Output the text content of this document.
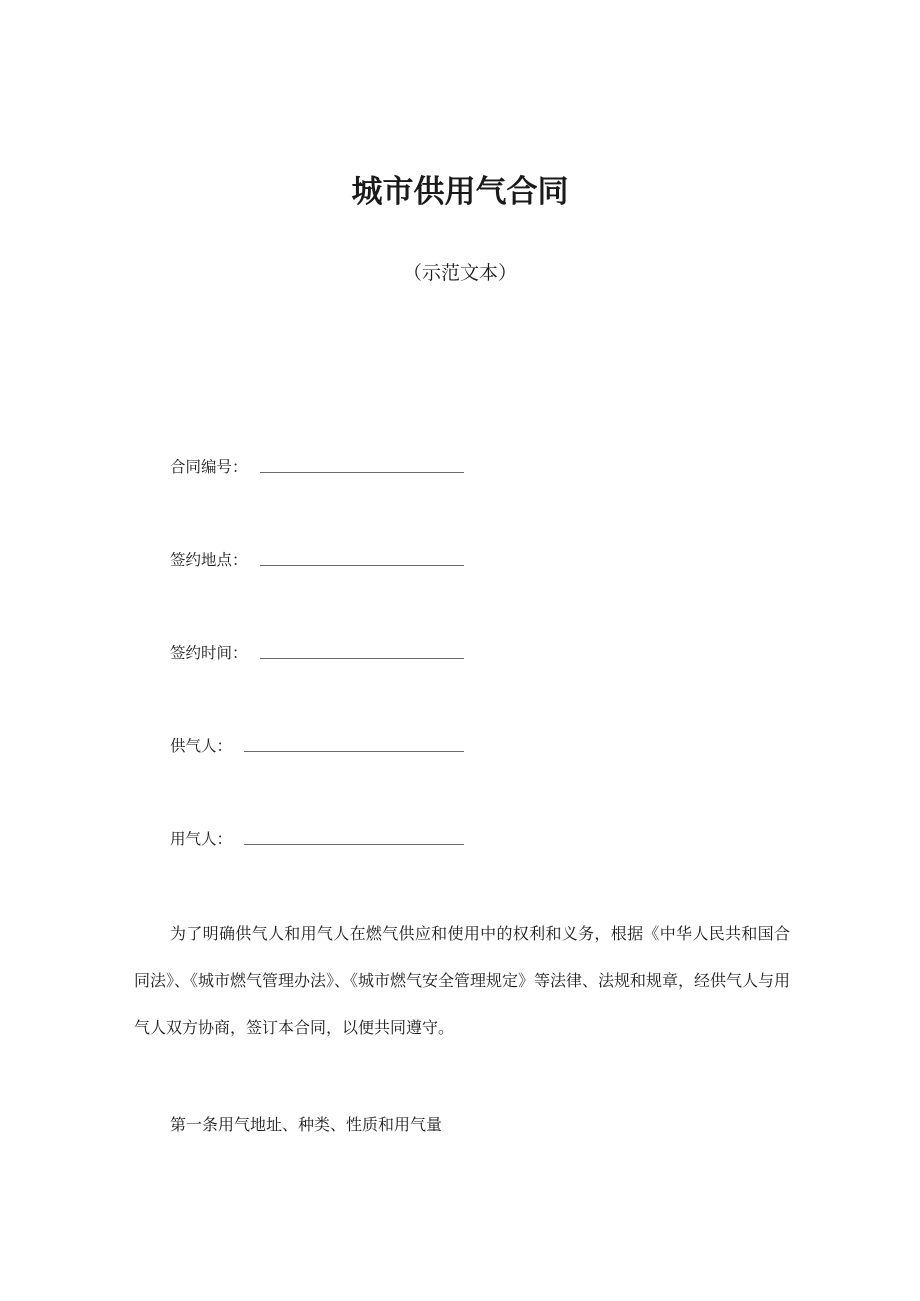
城市供用气合同

（示范文本）

合同编号：
签约地点：
签约时间：
供气人：
用气人：

为了明确供气人和用气人在燃气供应和使用中的权利和义务，根据《中华人民共和国合同法》、《城市燃气管理办法》、《城市燃气安全管理规定》等法律、法规和规章，经供气人与用气人双方协商，签订本合同，以便共同遵守。

第一条用气地址、种类、性质和用气量
